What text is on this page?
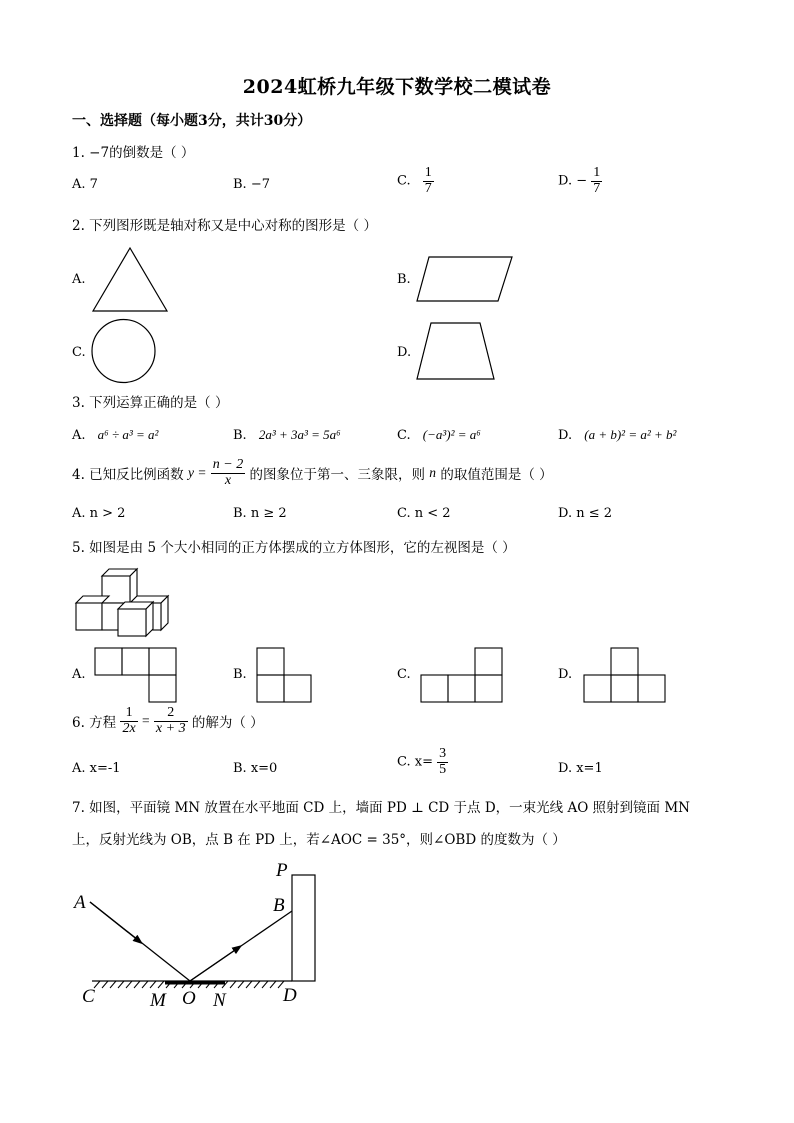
2024虹桥九年级下数学校二模试卷
一、选择题（每小题3分，共计30分）
1. −7的倒数是（ ）
A. 7	B. −7	C. $\frac{1}{7}$	D. − $\frac{1}{7}$
2. 下列图形既是轴对称又是中心对称的图形是（ ）
A.	B.
C.	D.
3. 下列运算正确的是（ ）
A. a⁶ ÷ a³ = a²	B. 2a³ + 3a³ = 5a⁶	C. (−a³)² = a⁶	D. (a + b)² = a² + b²
4. 已知反比例函数 $y = \frac{n - 2}{x}$ 的图象位于第一、三象限，则 n 的取值范围是（ ）
A. n > 2	B. n ≥ 2	C. n < 2	D. n ≤ 2
5. 如图是由 5 个大小相同的正方体摆成的立方体图形，它的左视图是（ ）
A.	B.	C.	D.
6. 方程 $\frac{1}{2x} = \frac{2}{x + 3}$ 的解为（ ）
A. x=-1	B. x=0	C. $x= \frac{3}{5}$	D. x=1
7. 如图，平面镜 MN 放置在水平地面 CD 上，墙面 PD ⊥ CD 于点 D，一束光线 AO 照射到镜面 MN
上，反射光线为 OB，点 B 在 PD 上，若∠AOC = 35°，则∠OBD 的度数为（ ）
P
A	B
C	M O N	D
